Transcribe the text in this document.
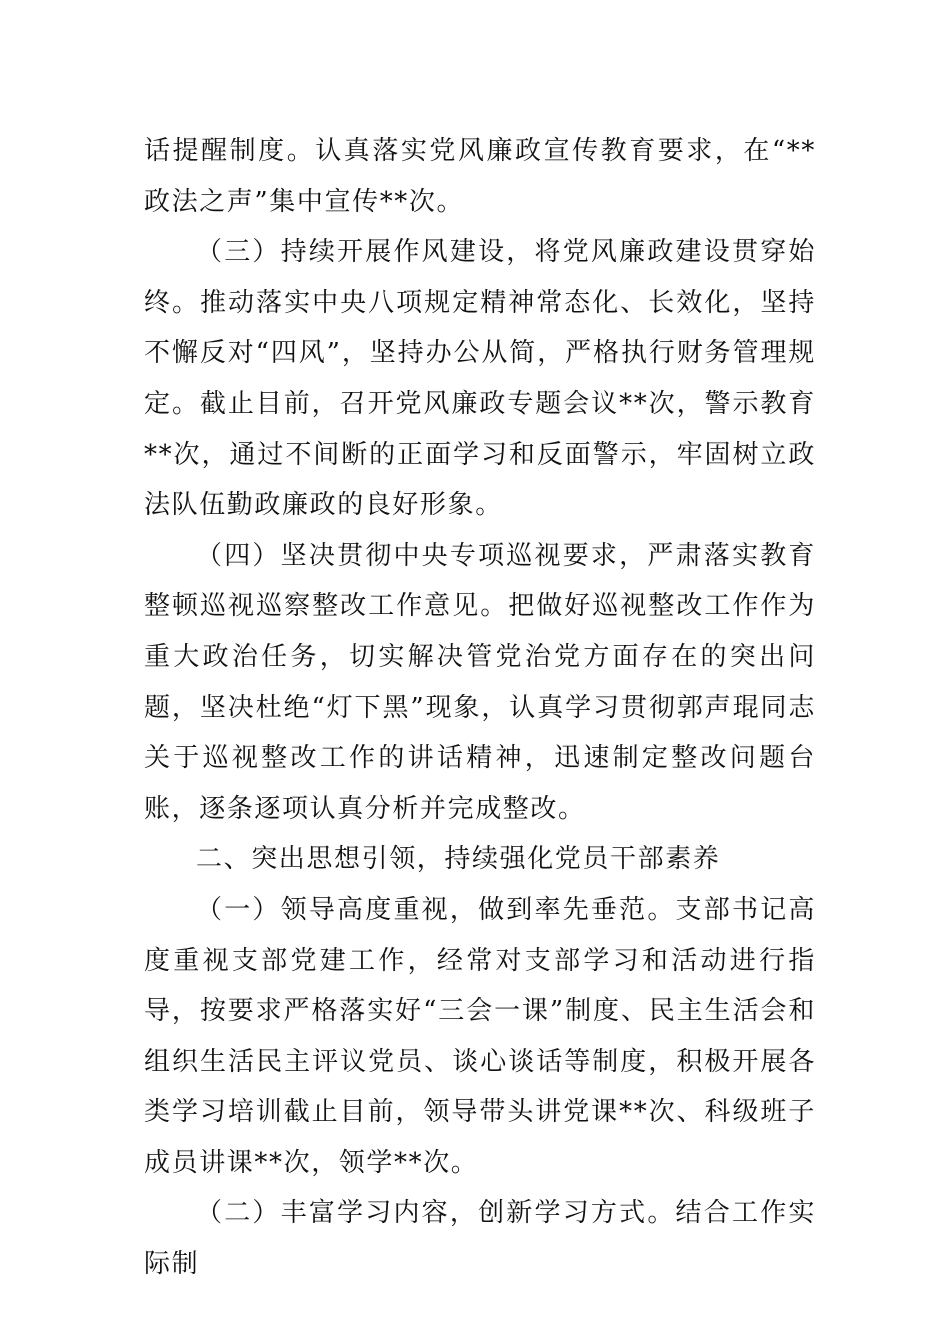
话提醒制度。认真落实党风廉政宣传教育要求，在“**政法之声”集中宣传**次。

（三）持续开展作风建设，将党风廉政建设贯穿始终。推动落实中央八项规定精神常态化、长效化，坚持不懈反对“四风”，坚持办公从简，严格执行财务管理规定。截止目前，召开党风廉政专题会议**次，警示教育**次，通过不间断的正面学习和反面警示，牢固树立政法队伍勤政廉政的良好形象。

（四）坚决贯彻中央专项巡视要求，严肃落实教育整顿巡视巡察整改工作意见。把做好巡视整改工作作为重大政治任务，切实解决管党治党方面存在的突出问题，坚决杜绝“灯下黑”现象，认真学习贯彻郭声琨同志关于巡视整改工作的讲话精神，迅速制定整改问题台账，逐条逐项认真分析并完成整改。

二、突出思想引领，持续强化党员干部素养

（一）领导高度重视，做到率先垂范。支部书记高度重视支部党建工作，经常对支部学习和活动进行指导，按要求严格落实好“三会一课”制度、民主生活会和组织生活民主评议党员、谈心谈话等制度，积极开展各类学习培训截止目前，领导带头讲党课**次、科级班子成员讲课**次，领学**次。

（二）丰富学习内容，创新学习方式。结合工作实际制
